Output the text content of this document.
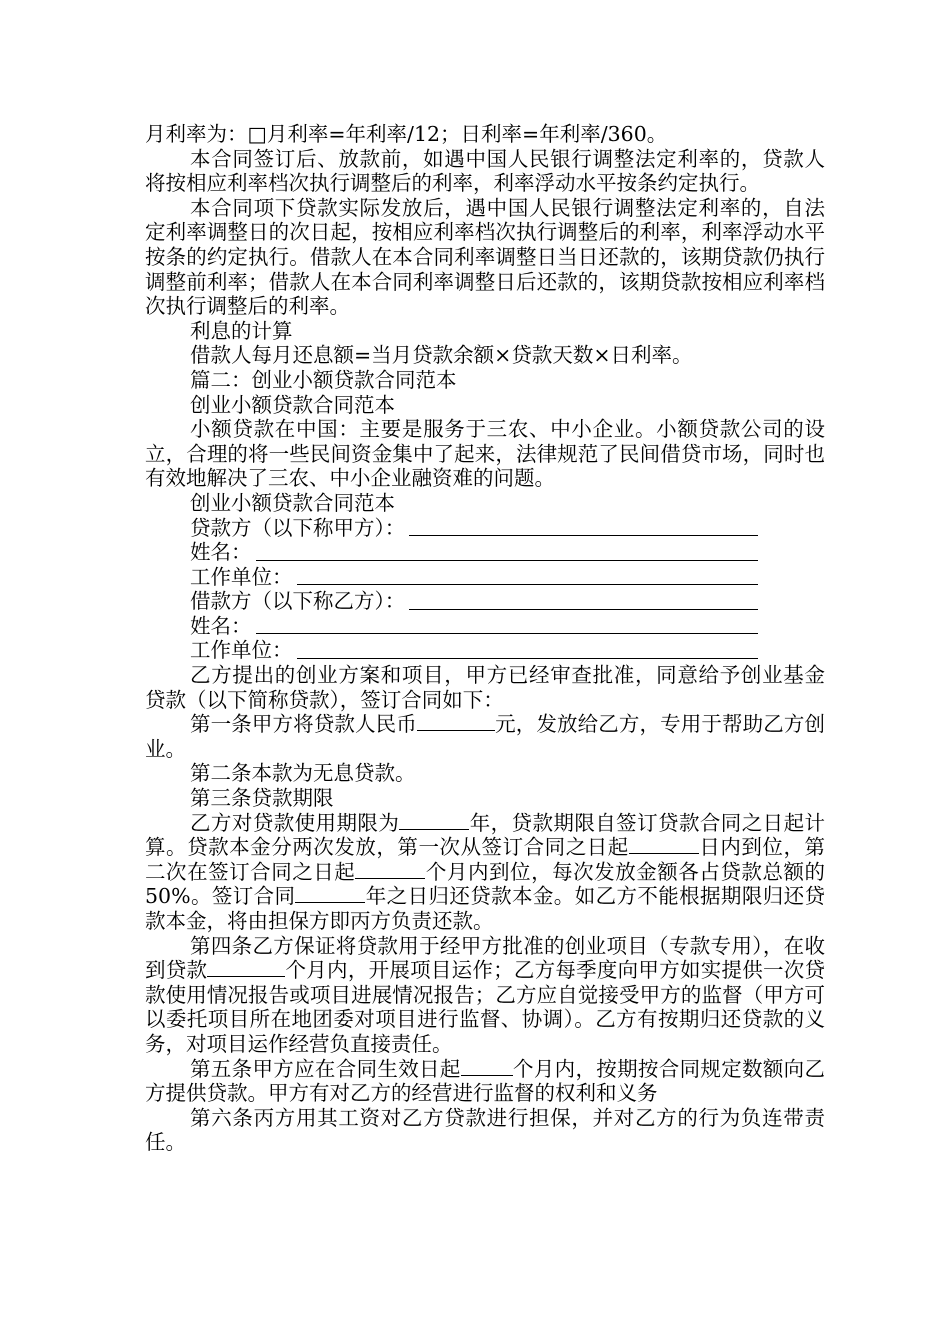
月利率为：□月利率=年利率/12；日利率=年利率/360。

本合同签订后、放款前，如遇中国人民银行调整法定利率的，贷款人将按相应利率档次执行调整后的利率，利率浮动水平按条约定执行。

本合同项下贷款实际发放后，遇中国人民银行调整法定利率的，自法定利率调整日的次日起，按相应利率档次执行调整后的利率，利率浮动水平按条的约定执行。借款人在本合同利率调整日当日还款的，该期贷款仍执行调整前利率；借款人在本合同利率调整日后还款的，该期贷款按相应利率档次执行调整后的利率。

利息的计算

借款人每月还息额=当月贷款余额×贷款天数×日利率。

篇二：创业小额贷款合同范本

创业小额贷款合同范本

小额贷款在中国：主要是服务于三农、中小企业。小额贷款公司的设立，合理的将一些民间资金集中了起来，法律规范了民间借贷市场，同时也有效地解决了三农、中小企业融资难的问题。

创业小额贷款合同范本

贷款方（以下称甲方）：
姓名：
工作单位：
借款方（以下称乙方）：
姓名：
工作单位：

乙方提出的创业方案和项目，甲方已经审查批准，同意给予创业基金贷款（以下简称贷款），签订合同如下：

第一条甲方将贷款人民币	元，发放给乙方，专用于帮助乙方创业。

第二条本款为无息贷款。

第三条贷款期限

乙方对贷款使用期限为	年，贷款期限自签订贷款合同之日起计算。贷款本金分两次发放，第一次从签订合同之日起	日内到位，第二次在签订合同之日起	个月内到位，每次发放金额各占贷款总额的50%。签订合同	年之日归还贷款本金。如乙方不能根据期限归还贷款本金，将由担保方即丙方负责还款。

第四条乙方保证将贷款用于经甲方批准的创业项目（专款专用），在收到贷款	个月内，开展项目运作；乙方每季度向甲方如实提供一次贷款使用情况报告或项目进展情况报告；乙方应自觉接受甲方的监督（甲方可以委托项目所在地团委对项目进行监督、协调）。乙方有按期归还贷款的义务，对项目运作经营负直接责任。

第五条甲方应在合同生效日起	个月内，按期按合同规定数额向乙方提供贷款。甲方有对乙方的经营进行监督的权利和义务

第六条丙方用其工资对乙方贷款进行担保，并对乙方的行为负连带责任。
